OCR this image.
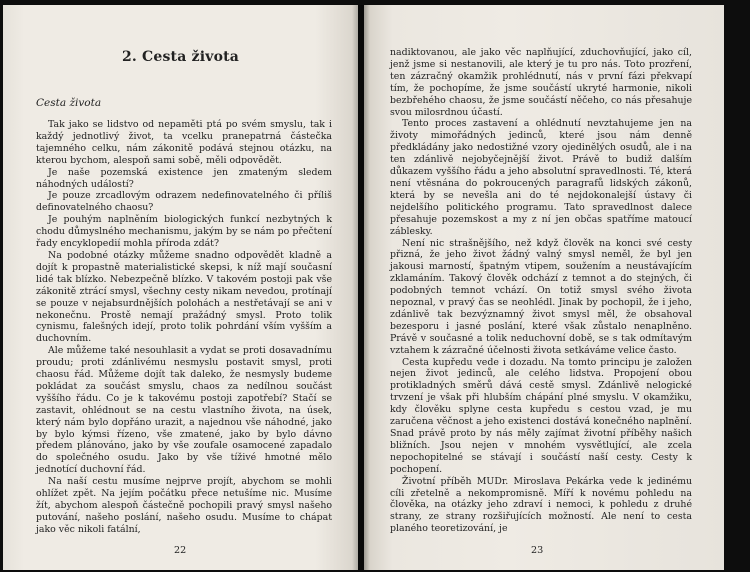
2. Cesta života
Cesta života

Tak jako se lidstvo od nepaměti ptá po svém smyslu, tak i každý jednotlivý život, ta vcelku pranepatrná částečka tajemného celku, nám zákonitě podává stejnou otázku, na kterou bychom, alespoň sami sobě, měli odpovědět.

Je naše pozemská existence jen zmateným sledem náhodných událostí?

Je pouze zrcadlovým odrazem nedefinovatelného či příliš definovatelného chaosu?

Je pouhým naplněním biologických funkcí nezbytných k chodu důmyslného mechanismu, jakým by se nám po přečtení řady encyklopedií mohla příroda zdát?

Na podobné otázky můžeme snadno odpovědět kladně a dojít k propastně materialistické skepsi, k níž mají současní lidé tak blízko. Nebezpečně blízko. V takovém postoji pak vše zákonitě ztrácí smysl, všechny cesty nikam nevedou, protínají se pouze v nejabsurdnějších polohách a nestřetávají se ani v nekonečnu. Prostě nemají pražádný smysl. Proto tolik cynismu, falešných idejí, proto tolik pohrdání vším vyšším a duchovním.

Ale můžeme také nesouhlasit a vydat se proti dosavadnímu proudu; proti zdánlivému nesmyslu postavit smysl, proti chaosu řád. Můžeme dojít tak daleko, že nesmysly budeme pokládat za součást smyslu, chaos za nedílnou součást vyššího řádu. Co je k takovému postoji zapotřebí? Stačí se zastavit, ohlédnout se na cestu vlastního života, na úsek, který nám bylo dopřáno urazit, a najednou vše náhodné, jako by bylo kýmsi řízeno, vše zmatené, jako by bylo dávno předem plánováno, jako by vše zoufale osamocené zapadalo do společného osudu. Jako by vše tíživé hmotné mělo jednotící duchovní řád.

Na naší cestu musíme nejprve projít, abychom se mohli ohlížet zpět. Na jejím počátku přece netušíme nic. Musíme žít, abychom alespoň částečně pochopili pravý smysl našeho putování, našeho poslání, našeho osudu. Musíme to chápat jako věc nikoli fatální,

22

nadiktovanou, ale jako věc naplňující, zduchovňující, jako cíl, jenž jsme si nestanovili, ale který je tu pro nás. Toto prozření, ten zázračný okamžik prohlédnutí, nás v první fázi překvapí tím, že pochopíme, že jsme součástí ukryté harmonie, nikoli bezbřehého chaosu, že jsme součástí něčeho, co nás přesahuje svou milosrdnou účastí.

Tento proces zastavení a ohlédnutí nevztahujeme jen na životy mimořádných jedinců, které jsou nám denně předkládány jako nedostižné vzory ojedinělých osudů, ale i na ten zdánlivě nejobyčejnější život. Právě to budiž dalším důkazem vyššího řádu a jeho absolutní spravedlnosti. Té, která není vtěsnána do pokroucených paragrafů lidských zákonů, která by se nevešla ani do té nejdokonalejší ústavy či nejdelšího politického programu. Tato spravedlnost dalece přesahuje pozemskost a my z ní jen občas spatříme matoucí záblesky.

Není nic strašnějšího, než když člověk na konci své cesty přizná, že jeho život žádný valný smysl neměl, že byl jen jakousi marností, špatným vtipem, soužením a neustávajícím zklamáním. Takový člověk odchází z temnot a do stejných, či podobných temnot vchází. On totiž smysl svého života nepoznal, v pravý čas se neohlédl. Jinak by pochopil, že i jeho, zdánlivě tak bezvýznamný život smysl měl, že obsahoval bezesporu i jasné poslání, které však zůstalo nenaplněno. Právě v současné a tolik neduchovní době, se s tak odmítavým vztahem k zázračné účelnosti života setkáváme velice často.

Cesta kupředu vede i dozadu. Na tomto principu je založen nejen život jedinců, ale celého lidstva. Propojení obou protikladných směrů dává cestě smysl. Zdánlivě nelogické trvzení je však při hlubším chápání plné smyslu. V okamžiku, kdy člověku splyne cesta kupředu s cestou vzad, je mu zaručena věčnost a jeho existenci dostává konečného naplnění. Snad právě proto by nás měly zajímat životní příběhy našich bližních. Jsou nejen v mnohém vysvětlující, ale zcela nepochopitelné se stávají i součástí naší cesty. Cesty k pochopení.

Životní příběh MUDr. Miroslava Pekárka vede k jedinému cíli zřetelně a nekompromisně. Míří k novému pohledu na člověka, na otázky jeho zdraví i nemoci, k pohledu z druhé strany, ze strany rozšiřujících možností. Ale není to cesta planého teoretizování, je

23
